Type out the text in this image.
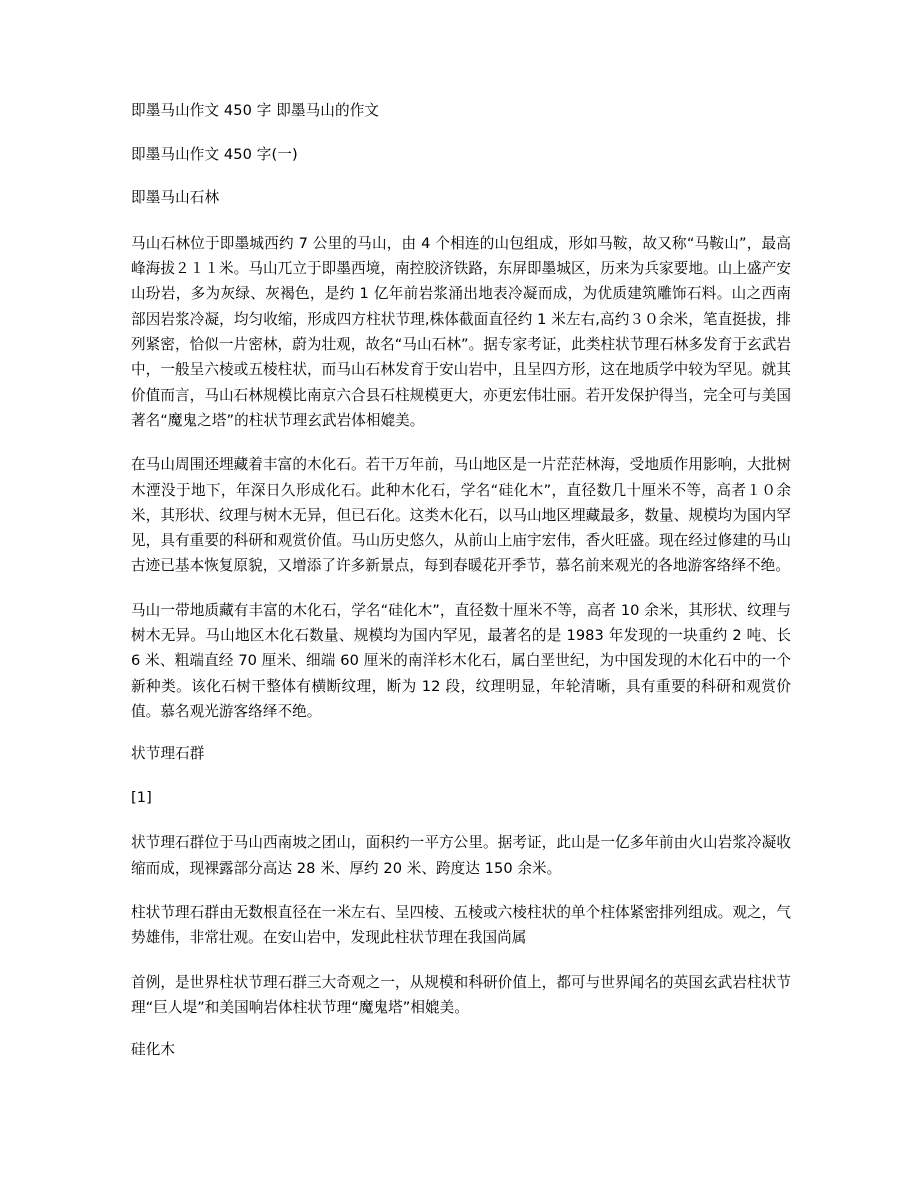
即墨马山作文 450 字 即墨马山的作文

即墨马山作文 450 字(一)

即墨马山石林

马山石林位于即墨城西约 7 公里的马山，由 4 个相连的山包组成，形如马鞍，故又称“马鞍山”，最高峰海拔２１１米。马山兀立于即墨西境，南控胶济铁路，东屏即墨城区，历来为兵家要地。山上盛产安山玢岩，多为灰绿、灰褐色，是约 1 亿年前岩浆涌出地表冷凝而成，为优质建筑雕饰石料。山之西南部因岩浆冷凝，均匀收缩，形成四方柱状节理,株体截面直径约 1 米左右,高约３０余米，笔直挺拔，排列紧密，恰似一片密林，蔚为壮观，故名“马山石林”。据专家考证，此类柱状节理石林多发育于玄武岩中，一般呈六棱或五棱柱状，而马山石林发育于安山岩中，且呈四方形，这在地质学中较为罕见。就其价值而言，马山石林规模比南京六合县石柱规模更大，亦更宏伟壮丽。若开发保护得当，完全可与美国著名“魔鬼之塔”的柱状节理玄武岩体相媲美。

在马山周围还埋藏着丰富的木化石。若干万年前，马山地区是一片茫茫林海，受地质作用影响，大批树木湮没于地下，年深日久形成化石。此种木化石，学名“硅化木”，直径数几十厘米不等，高者１０余米，其形状、纹理与树木无异，但已石化。这类木化石，以马山地区埋藏最多，数量、规模均为国内罕见，具有重要的科研和观赏价值。马山历史悠久，从前山上庙宇宏伟，香火旺盛。现在经过修建的马山古迹已基本恢复原貌，又增添了许多新景点，每到春暖花开季节，慕名前来观光的各地游客络绎不绝。

马山一带地质藏有丰富的木化石，学名“硅化木”，直径数十厘米不等，高者 10 余米，其形状、纹理与树木无异。马山地区木化石数量、规模均为国内罕见，最著名的是 1983 年发现的一块重约 2 吨、长 6 米、粗端直经 70 厘米、细端 60 厘米的南洋杉木化石，属白垩世纪，为中国发现的木化石中的一个新种类。该化石树干整体有横断纹理，断为 12 段，纹理明显，年轮清晰，具有重要的科研和观赏价值。慕名观光游客络绎不绝。

状节理石群

[1]

状节理石群位于马山西南坡之团山，面积约一平方公里。据考证，此山是一亿多年前由火山岩浆冷凝收缩而成，现裸露部分高达 28 米、厚约 20 米、跨度达 150 余米。

柱状节理石群由无数根直径在一米左右、呈四棱、五棱或六棱柱状的单个柱体紧密排列组成。观之，气势雄伟，非常壮观。在安山岩中，发现此柱状节理在我国尚属

首例，是世界柱状节理石群三大奇观之一，从规模和科研价值上，都可与世界闻名的英国玄武岩柱状节理“巨人堤”和美国响岩体柱状节理“魔鬼塔”相媲美。

硅化木
